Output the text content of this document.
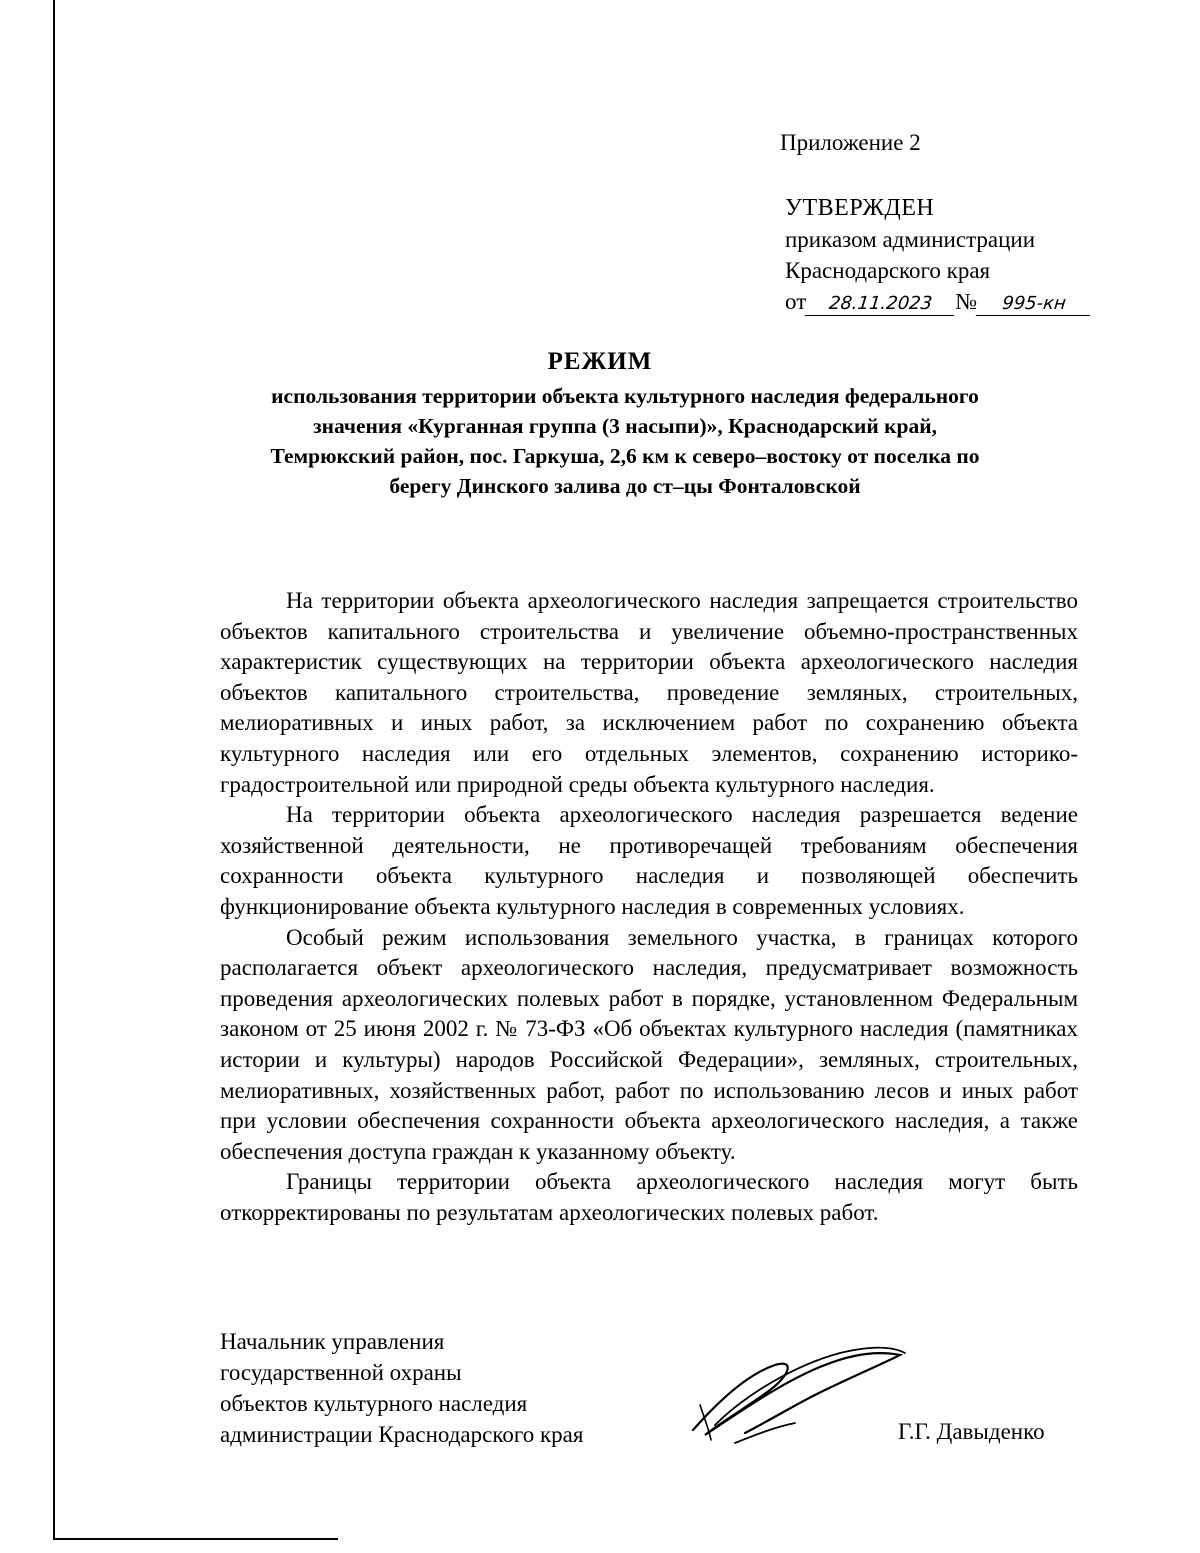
Приложение 2
УТВЕРЖДЕН
приказом администрации
Краснодарского края
от 28.11.2023 № 995-кн
РЕЖИМ
использования территории объекта культурного наследия федерального
значения «Курганная группа (3 насыпи)», Краснодарский край,
Темрюкский район, пос. Гаркуша, 2,6 км к северо–востоку от поселка по
берегу Динского залива до ст–цы Фонталовской

На территории объекта археологического наследия запрещается строительство объектов капитального строительства и увеличение объемно-пространственных характеристик существующих на территории объекта археологического наследия объектов капитального строительства, проведение земляных, строительных, мелиоративных и иных работ, за исключением работ по сохранению объекта культурного наследия или его отдельных элементов, сохранению историко-градостроительной или природной среды объекта культурного наследия.

На территории объекта археологического наследия разрешается ведение хозяйственной деятельности, не противоречащей требованиям обеспечения сохранности объекта культурного наследия и позволяющей обеспечить функционирование объекта культурного наследия в современных условиях.

Особый режим использования земельного участка, в границах которого располагается объект археологического наследия, предусматривает возможность проведения археологических полевых работ в порядке, установленном Федеральным законом от 25 июня 2002 г. № 73-ФЗ «Об объектах культурного наследия (памятниках истории и культуры) народов Российской Федерации», земляных, строительных, мелиоративных, хозяйственных работ, работ по использованию лесов и иных работ при условии обеспечения сохранности объекта археологического наследия, а также обеспечения доступа граждан к указанному объекту.

Границы территории объекта археологического наследия могут быть откорректированы по результатам археологических полевых работ.

Начальник управления
государственной охраны
объектов культурного наследия
администрации Краснодарского края	Г.Г. Давыденко
